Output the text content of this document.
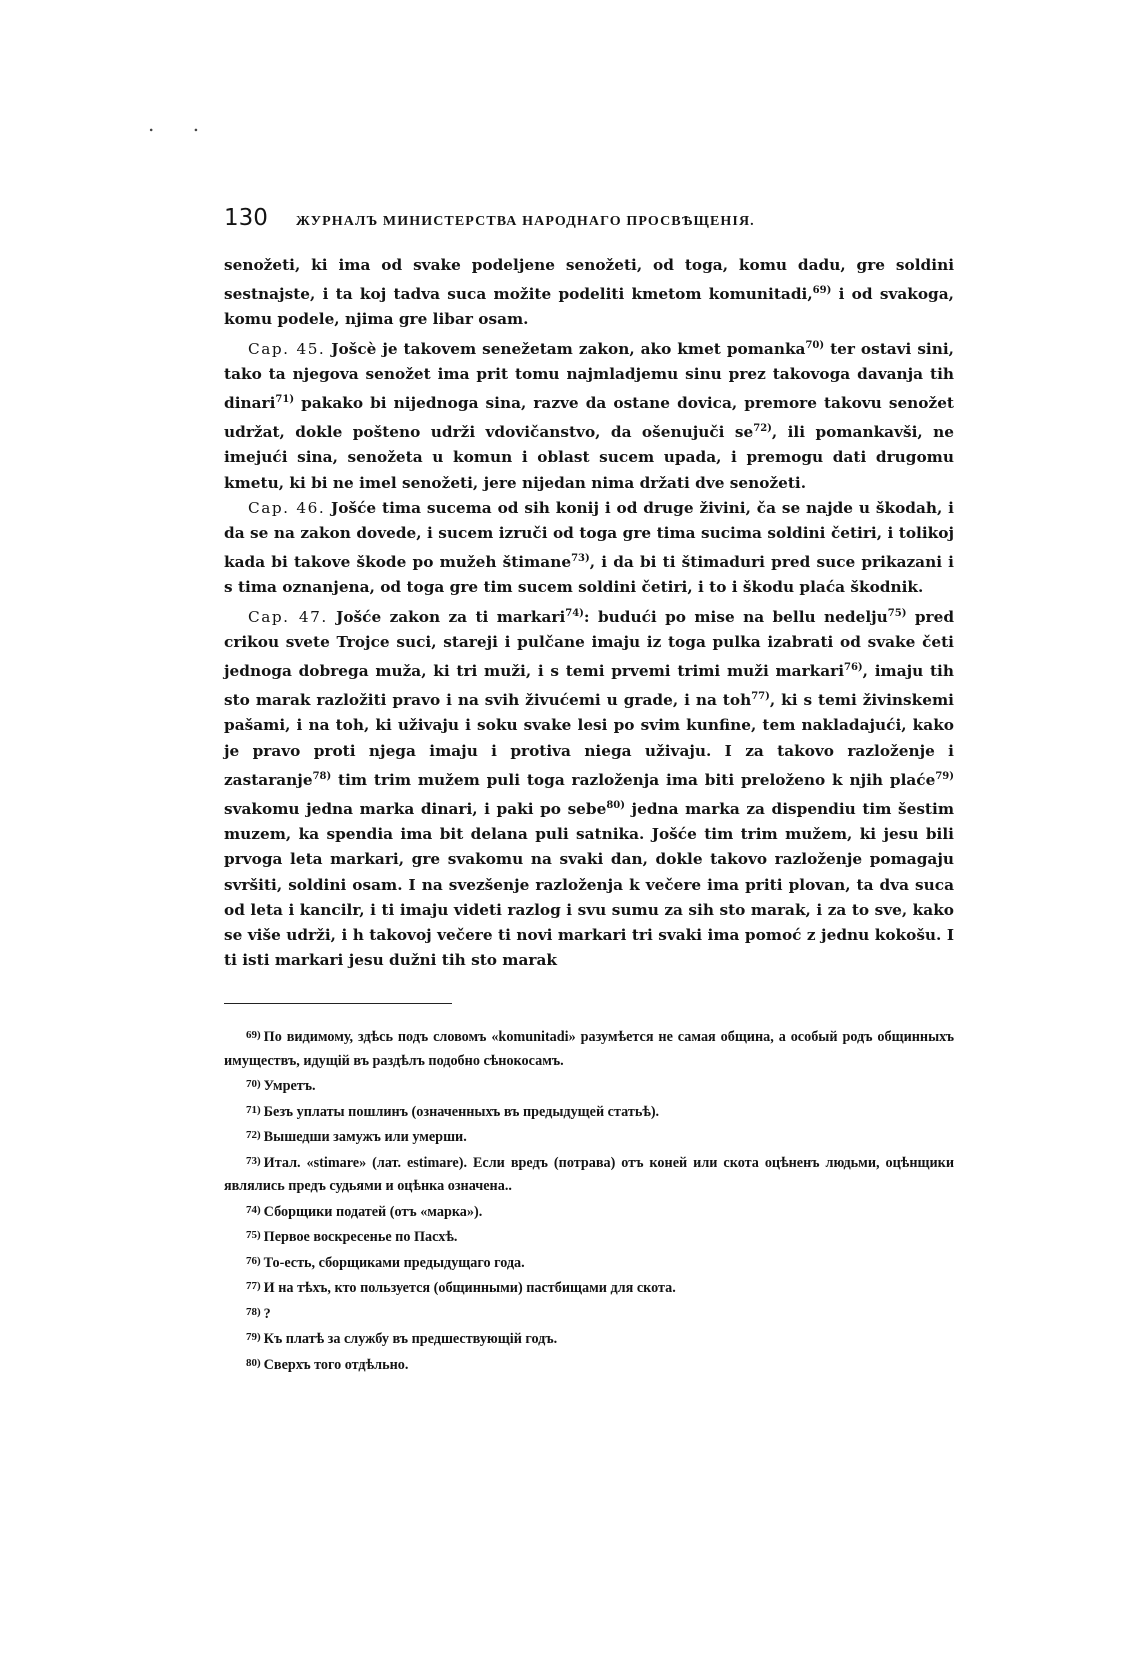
. .
130	ЖУРНАЛЪ МИНИСТЕРСТВА НАРОДНАГО ПРОСВѢЩЕНІЯ.

senožeti, ki ima od svake podeljene senožeti, od toga, komu dadu, gre soldini sestnajste, i ta koj tadva suca možite podeliti kmetom komunitadi,$^{69)}$ i od svakoga, komu podele, njima gre libar osam.

Cap. 45. Jošcè je takovem senežetam zakon, ako kmet pomanka$^{70)}$ ter ostavi sini, tako ta njegova senožet ima prit tomu najmladjemu sinu prez takovoga davanja tih dinari$^{71)}$ pakako bi nijednoga sina, razve da ostane dovica, premore takovu senožet udržat, dokle pošteno udrži vdovičanstvo, da ošenujuči $se^{72)}$, ili pomankavši, ne imejući sina, senožeta u komun i oblast sucem upada, i premogu dati drugomu kmetu, ki bi ne imel senožeti, jere nijedan nima držati dve senožeti.

Cap. 46. Jošće tima sucema od sih konij i od druge živini, ča se najde u škodah, i da se na zakon dovede, i sucem izruči od toga gre tima sucima soldini četiri, i tolikoj kada bi takove škode po mužeh štimane$^{73)}$, i da bi ti štimaduri pred suce prikazani i s tima oznanjena, od toga gre tim sucem soldini četiri, i to i škodu plaća škodnik.

Cap. 47. Jošće zakon za ti markari$^{74)}$: budući po mise na bellu nedelju$^{75)}$ pred crikou svete Trojce suci, stareji i pulčane imaju iz toga pulka izabrati od svake četi jednoga dobrega muža, ki tri muži, i s temi prvemi trimi muži markari$^{76)}$, imaju tih sto marak razložiti pravo i na svih živućemi u grade, i na toh$^{77)}$, ki s temi živinskemi pašami, i na toh, ki uživaju i soku svake lesi po svim kunfine, tem nakladajući, kako je pravo proti njega imaju i protiva niega uživaju. I za takovo razloženje i zastaranje$^{78)}$ tim trim mužem puli toga razloženja ima biti preloženo k njih plaće$^{79)}$ svakomu jedna marka dinari, i paki po sebe$^{80)}$ jedna marka za dispendiu tim šestim muzem, ka spendia ima bit delana puli satnika. Jošće tim trim mužem, ki jesu bili prvoga leta markari, gre svakomu na svaki dan, dokle takovo razloženje pomagaju svršiti, soldini osam. I na svezšenje razloženja k večere ima priti plovan, ta dva suca od leta i kancilr, i ti imaju videti razlog i svu sumu za sih sto marak, i za to sve, kako se više udrži, i h takovoj večere ti novi markari tri svaki ima pomoć z jednu kokošu. I ti isti markari jesu dužni tih sto marak

$^{69)}$ По видимому, здѣсь подъ словомъ «komunitadi» разумѣется не самая община, а особый родъ общинныхъ имуществъ, идущій въ раздѣлъ подобно сѣнокосамъ.

$^{70)}$ Умретъ.

$^{71)}$ Безъ уплаты пошлинъ (означенныхъ въ предыдущей статьѣ).

$^{72)}$ Вышедши замужъ или умерши.

$^{73)}$ Итал. «stimare» (лат. estimare). Если вредъ (потрава) отъ коней или скота оцѣненъ людьми, оцѣнщики являлись предъ судьями и оцѣнка означена..

$^{74)}$ Сборщики податей (отъ «марка»).

$^{75)}$ Первое воскресенье по Пасхѣ.

$^{76)}$ То-есть, сборщиками предыдущаго года.

$^{77)}$ И на тѣхъ, кто пользуется (общинными) пастбищами для скота.

$^{78)}$ ?

$^{79)}$ Къ платѣ за службу въ предшествующій годъ.

$^{80)}$ Сверхъ того отдѣльно.
